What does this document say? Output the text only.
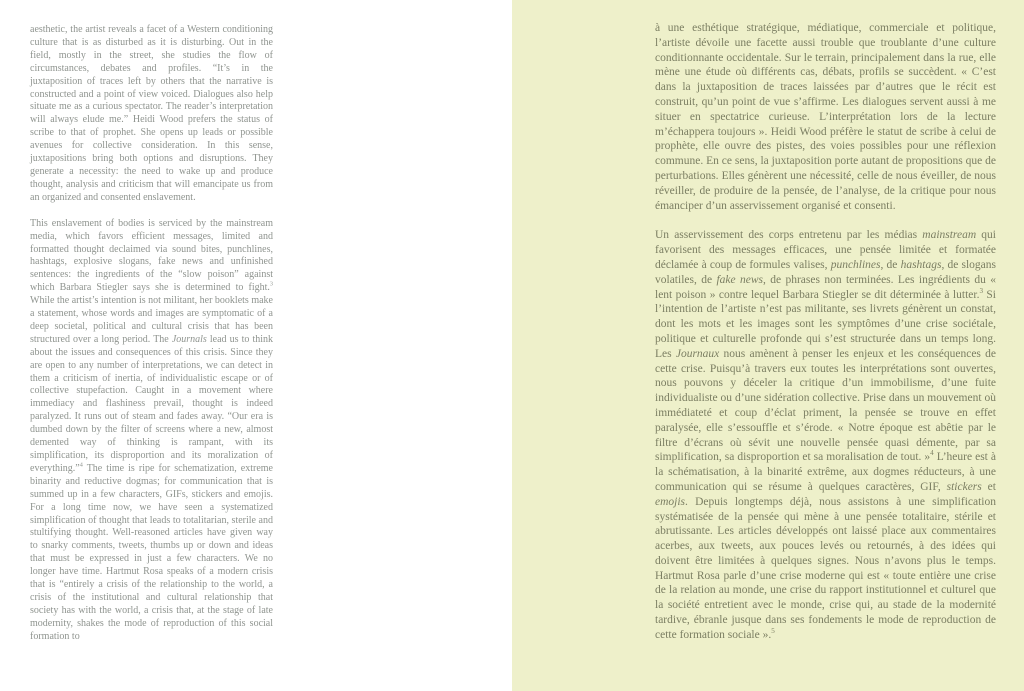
aesthetic, the artist reveals a facet of a Western conditioning culture that is as disturbed as it is disturbing. Out in the field, mostly in the street, she studies the flow of circumstances, debates and profiles. “It’s in the juxtaposition of traces left by others that the narrative is constructed and a point of view voiced. Dialogues also help situate me as a curious spectator. The reader’s interpretation will always elude me.” Heidi Wood prefers the status of scribe to that of prophet. She opens up leads or possible avenues for collective consideration. In this sense, juxtapositions bring both options and disruptions. They generate a necessity: the need to wake up and produce thought, analysis and criticism that will emancipate us from an organized and consented enslavement.

This enslavement of bodies is serviced by the mainstream media, which favors efficient messages, limited and formatted thought declaimed via sound bites, punchlines, hashtags, explosive slogans, fake news and unfinished sentences: the ingredients of the “slow poison” against which Barbara Stiegler says she is determined to fight.$^3$ While the artist’s intention is not militant, her booklets make a statement, whose words and images are symptomatic of a deep societal, political and cultural crisis that has been structured over a long period. The Journals lead us to think about the issues and consequences of this crisis. Since they are open to any number of interpretations, we can detect in them a criticism of inertia, of individualistic escape or of collective stupefaction. Caught in a movement where immediacy and flashiness prevail, thought is indeed paralyzed. It runs out of steam and fades away. “Our era is dumbed down by the filter of screens where a new, almost demented way of thinking is rampant, with its simplification, its disproportion and its moralization of everything.”$^4$ The time is ripe for schematization, extreme binarity and reductive dogmas; for communication that is summed up in a few characters, GIFs, stickers and emojis. For a long time now, we have seen a systematized simplification of thought that leads to totalitarian, sterile and stultifying thought. Well-reasoned articles have given way to snarky comments, tweets, thumbs up or down and ideas that must be expressed in just a few characters. We no longer have time. Hartmut Rosa speaks of a modern crisis that is “entirely a crisis of the relationship to the world, a crisis of the institutional and cultural relationship that society has with the world, a crisis that, at the stage of late modernity, shakes the mode of reproduction of this social formation to

à une esthétique stratégique, médiatique, commerciale et politique, l’artiste dévoile une facette aussi trouble que troublante d’une culture conditionnante occidentale. Sur le terrain, principalement dans la rue, elle mène une étude où différents cas, débats, profils se succèdent. « C’est dans la juxtaposition de traces laissées par d’autres que le récit est construit, qu’un point de vue s’affirme. Les dialogues servent aussi à me situer en spectatrice curieuse. L’interprétation lors de la lecture m’échappera toujours ». Heidi Wood préfère le statut de scribe à celui de prophète, elle ouvre des pistes, des voies possibles pour une réflexion commune. En ce sens, la juxtaposition porte autant de propositions que de perturbations. Elles génèrent une nécessité, celle de nous éveiller, de nous réveiller, de produire de la pensée, de l’analyse, de la critique pour nous émanciper d’un asservissement organisé et consenti.

Un asservissement des corps entretenu par les médias mainstream qui favorisent des messages efficaces, une pensée limitée et formatée déclamée à coup de formules valises, punchlines, de hashtags, de slogans volatiles, de fake news, de phrases non terminées. Les ingrédients du « lent poison » contre lequel Barbara Stiegler se dit déterminée à lutter.$^3$ Si l’intention de l’artiste n’est pas militante, ses livrets génèrent un constat, dont les mots et les images sont les symptômes d’une crise sociétale, politique et culturelle profonde qui s’est structurée dans un temps long. Les Journaux nous amènent à penser les enjeux et les conséquences de cette crise. Puisqu’à travers eux toutes les interprétations sont ouvertes, nous pouvons y déceler la critique d’un immobilisme, d’une fuite individualiste ou d’une sidération collective. Prise dans un mouvement où immédiateté et coup d’éclat priment, la pensée se trouve en effet paralysée, elle s’essouffle et s’érode. « Notre époque est abêtie par le filtre d’écrans où sévit une nouvelle pensée quasi démente, par sa simplification, sa disproportion et sa moralisation de tout. »$^4$ L’heure est à la schématisation, à la binarité extrême, aux dogmes réducteurs, à une communication qui se résume à quelques caractères, GIF, stickers et emojis. Depuis longtemps déjà, nous assistons à une simplification systématisée de la pensée qui mène à une pensée totalitaire, stérile et abrutissante. Les articles développés ont laissé place aux commentaires acerbes, aux tweets, aux pouces levés ou retournés, à des idées qui doivent être limitées à quelques signes. Nous n’avons plus le temps. Hartmut Rosa parle d’une crise moderne qui est « toute entière une crise de la relation au monde, une crise du rapport institutionnel et culturel que la société entretient avec le monde, crise qui, au stade de la modernité tardive, ébranle jusque dans ses fondements le mode de reproduction de cette formation sociale ».$^5$
